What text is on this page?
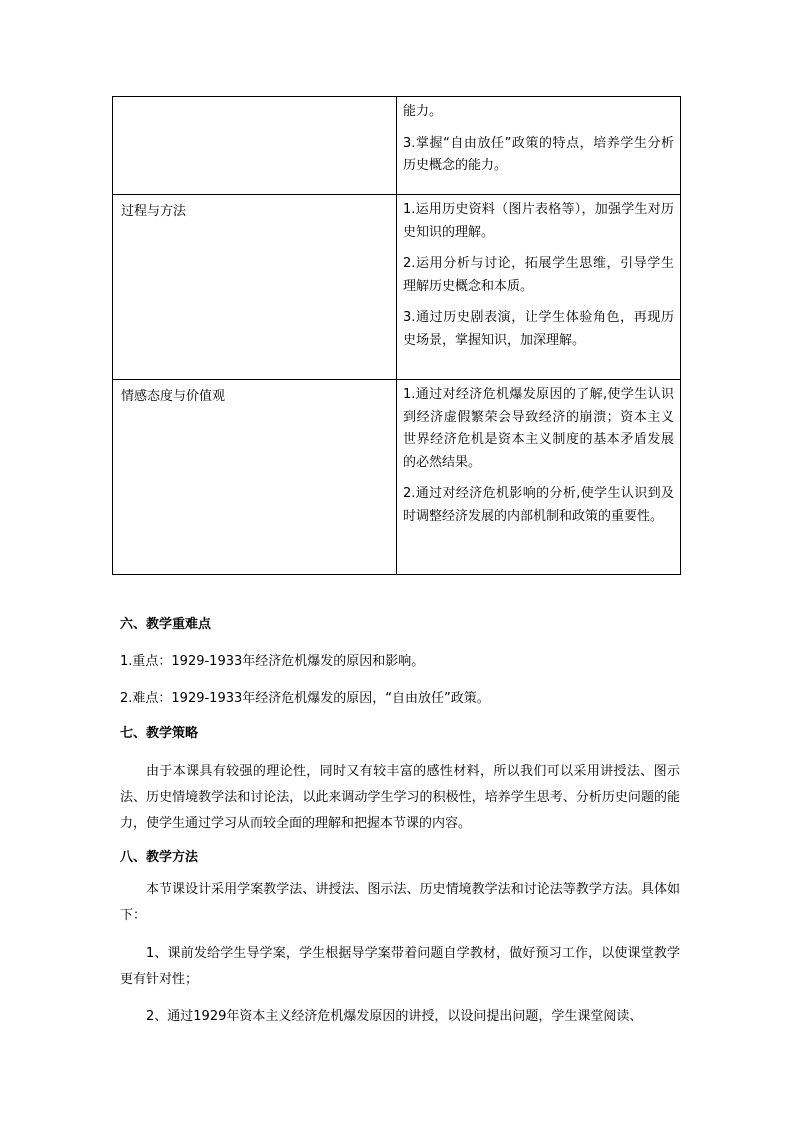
	能力。

3.掌握“自由放任”政策的特点，培养学生分析历史概念的能力。

过程与方法	1.运用历史资料（图片表格等），加强学生对历史知识的理解。

2.运用分析与讨论，拓展学生思维，引导学生理解历史概念和本质。

3.通过历史剧表演，让学生体验角色，再现历史场景，掌握知识，加深理解。

情感态度与价值观	1.通过对经济危机爆发原因的了解,使学生认识到经济虚假繁荣会导致经济的崩溃；资本主义世界经济危机是资本主义制度的基本矛盾发展的必然结果。

2.通过对经济危机影响的分析,使学生认识到及时调整经济发展的内部机制和政策的重要性。

六、教学重难点
1.重点：1929-1933年经济危机爆发的原因和影响。
2.难点：1929-1933年经济危机爆发的原因，“自由放任”政策。
七、教学策略

由于本课具有较强的理论性，同时又有较丰富的感性材料，所以我们可以采用讲授法、图示法、历史情境教学法和讨论法，以此来调动学生学习的积极性，培养学生思考、分析历史问题的能力，使学生通过学习从而较全面的理解和把握本节课的内容。

八、教学方法

本节课设计采用学案教学法、讲授法、图示法、历史情境教学法和讨论法等教学方法。具体如下：

1、课前发给学生导学案，学生根据导学案带着问题自学教材，做好预习工作，以使课堂教学更有针对性；

2、通过1929年资本主义经济危机爆发原因的讲授，以设问提出问题，学生课堂阅读、
